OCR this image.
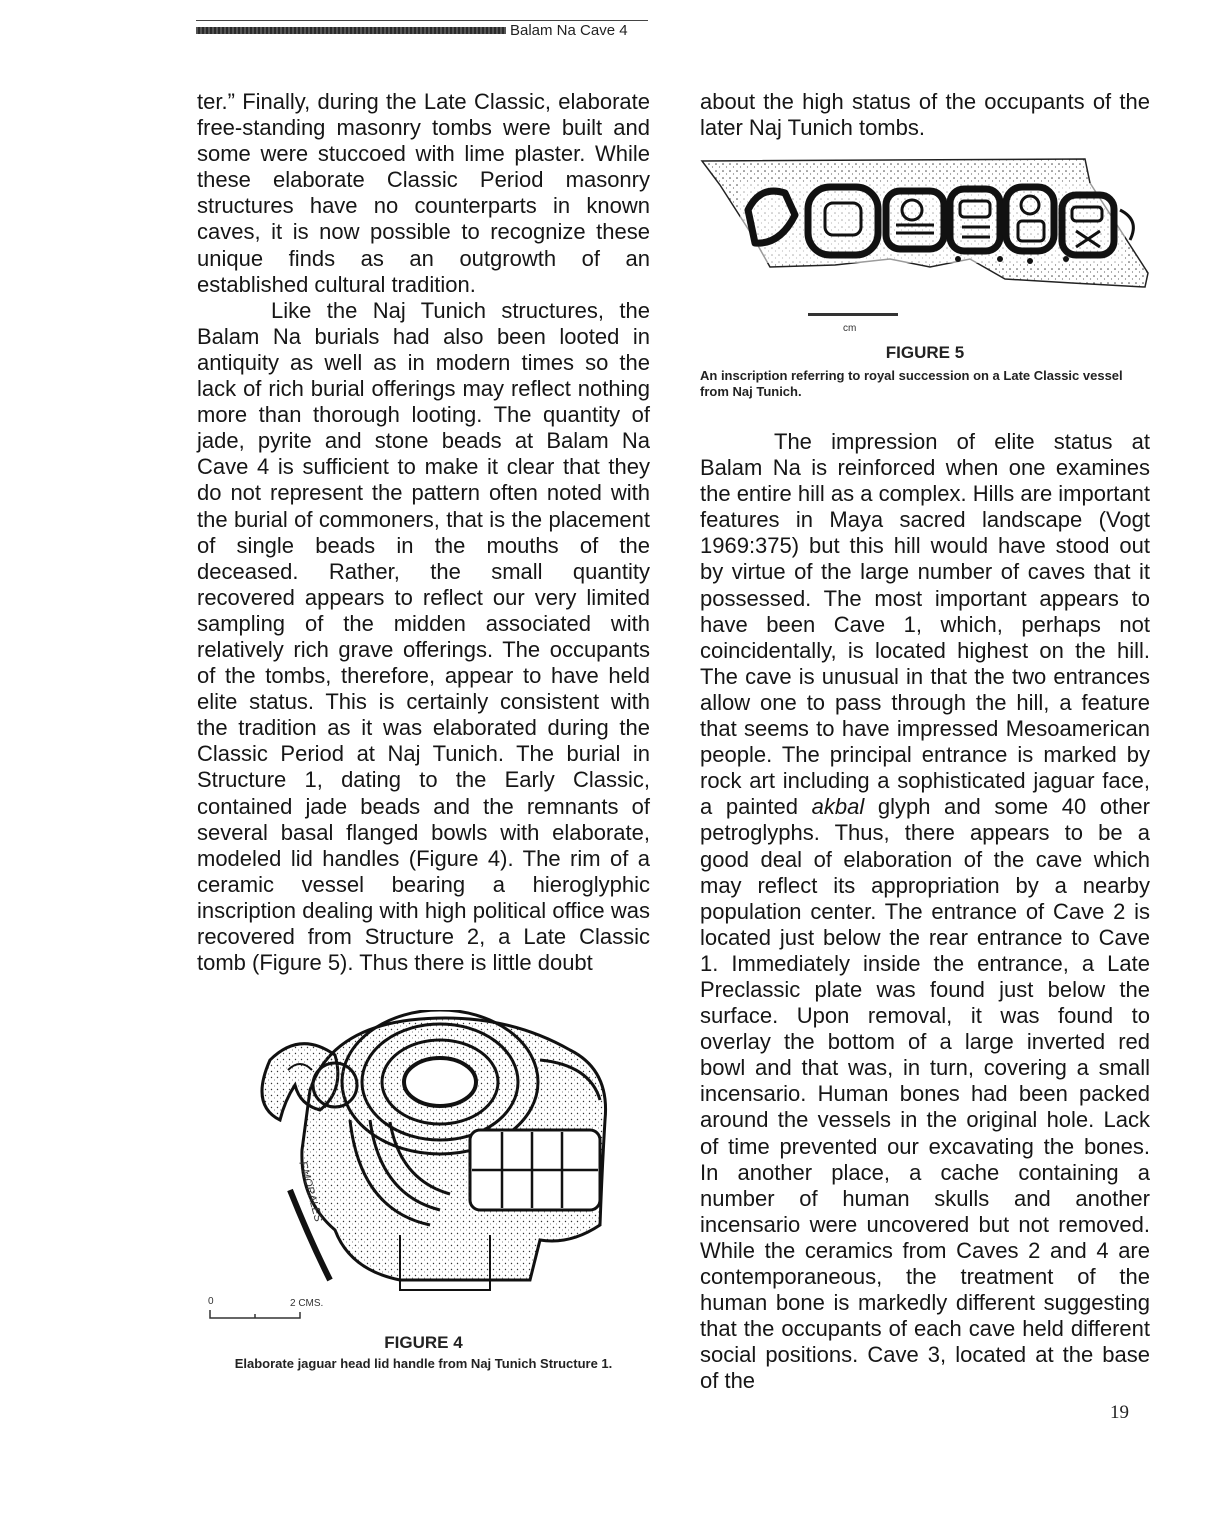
Balam Na Cave 4

ter.” Finally, during the Late Classic, elaborate free-standing masonry tombs were built and some were stuccoed with lime plaster. While these elaborate Classic Period masonry structures have no counterparts in known caves, it is now possible to recognize these unique finds as an outgrowth of an established cultural tradition.

Like the Naj Tunich structures, the Balam Na burials had also been looted in antiquity as well as in modern times so the lack of rich burial offerings may reflect nothing more than thorough looting. The quantity of jade, pyrite and stone beads at Balam Na Cave 4 is sufficient to make it clear that they do not represent the pattern often noted with the burial of commoners, that is the placement of single beads in the mouths of the deceased. Rather, the small quantity recovered appears to reflect our very limited sampling of the midden associated with relatively rich grave offerings. The occupants of the tombs, therefore, appear to have held elite status. This is certainly consistent with the tradition as it was elaborated during the Classic Period at Naj Tunich. The burial in Structure 1, dating to the Early Classic, contained jade beads and the remnants of several basal flanged bowls with elaborate, modeled lid handles (Figure 4). The rim of a ceramic vessel bearing a hieroglyphic inscription dealing with high political office was recovered from Structure 2, a Late Classic tomb (Figure 5). Thus there is little doubt

about the high status of the occupants of the later Naj Tunich tombs.

cm
FIGURE 5
An inscription referring to royal succession on a Late Classic vessel from Naj Tunich.

The impression of elite status at Balam Na is reinforced when one examines the entire hill as a complex. Hills are important features in Maya sacred landscape (Vogt 1969:375) but this hill would have stood out by virtue of the large number of caves that it possessed. The most important appears to have been Cave 1, which, perhaps not coincidentally, is located highest on the hill. The cave is unusual in that the two entrances allow one to pass through the hill, a feature that seems to have impressed Mesoamerican people. The principal entrance is marked by rock art including a sophisticated jaguar face, a painted akbal glyph and some 40 other petroglyphs. Thus, there appears to be a good deal of elaboration of the cave which may reflect its appropriation by a nearby population center. The entrance of Cave 2 is located just below the rear entrance to Cave 1. Immediately inside the entrance, a Late Preclassic plate was found just below the surface. Upon removal, it was found to overlay the bottom of a large inverted red bowl and that was, in turn, covering a small incensario. Human bones had been packed around the vessels in the original hole. Lack of time prevented our excavating the bones. In another place, a cache containing a number of human skulls and another incensario were uncovered but not removed. While the ceramics from Caves 2 and 4 are contemporaneous, the treatment of the human bone is markedly different suggesting that the occupants of each cave held different social positions. Cave 3, located at the base of the

F.MORALES
0	2 CMS.
FIGURE 4
Elaborate jaguar head lid handle from Naj Tunich Structure 1.
19
